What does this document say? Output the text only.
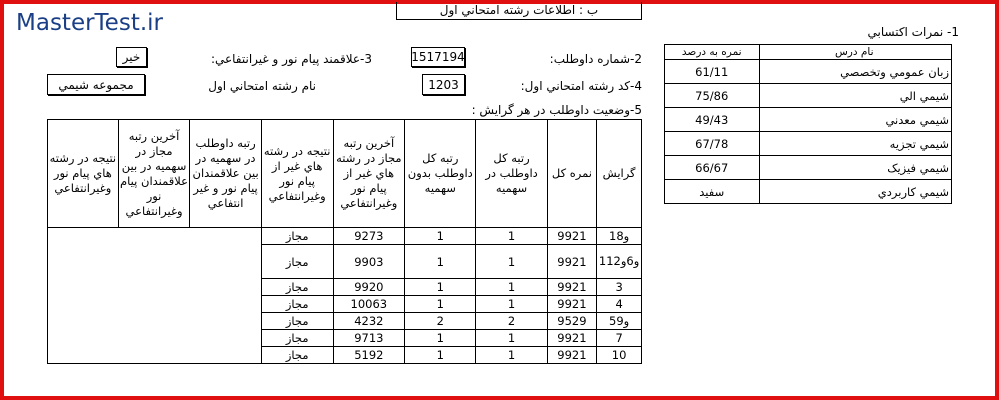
MasterTest.ir	ب : اطلاعات رشته امتحاني اول
1- نمرات اکتسابي
نمره به درصد	نام درس
61/11	زبان عمومي وتخصصي
75/86	شيمي الي
49/43	شيمي معدني
67/78	شيمي تجزيه
66/67	شيمي فيزيک
سفيد	شيمي کاربردي
2-شماره داوطلب:
1517194
3-علاقمند پيام نور و غيرانتفاعي:
خير
4-کد رشته امتحاني اول:
1203
نام رشته امتحاني اول
مجموعه شيمي
5-وضعيت داوطلب در هر گرايش :
نتيجه در رشته هاي پيام نور وغيرانتفاعي	آخرين رتبه مجاز در سهميه در بين علاقمندان پيام نور وغيرانتفاعي	رتبه داوطلب در سهميه در بين علاقمندان پيام نور و غير انتفاعي	نتيجه در رشته هاي غير از پيام نور وغيرانتفاعي	آخرين رتبه مجاز در رشته هاي غير از پيام نور وغيرانتفاعي	رتبه کل داوطلب بدون سهميه	رتبه کل داوطلب در سهميه	نمره کل	گرايش
			مجاز	9273	1	1	9921	1و8
			مجاز	9903	1	1	9921	11و6و2
			مجاز	9920	1	1	9921	3
			مجاز	10063	1	1	9921	4
			مجاز	4232	2	2	9529	5و9
			مجاز	9713	1	1	9921	7
			مجاز	5192	1	1	9921	10
